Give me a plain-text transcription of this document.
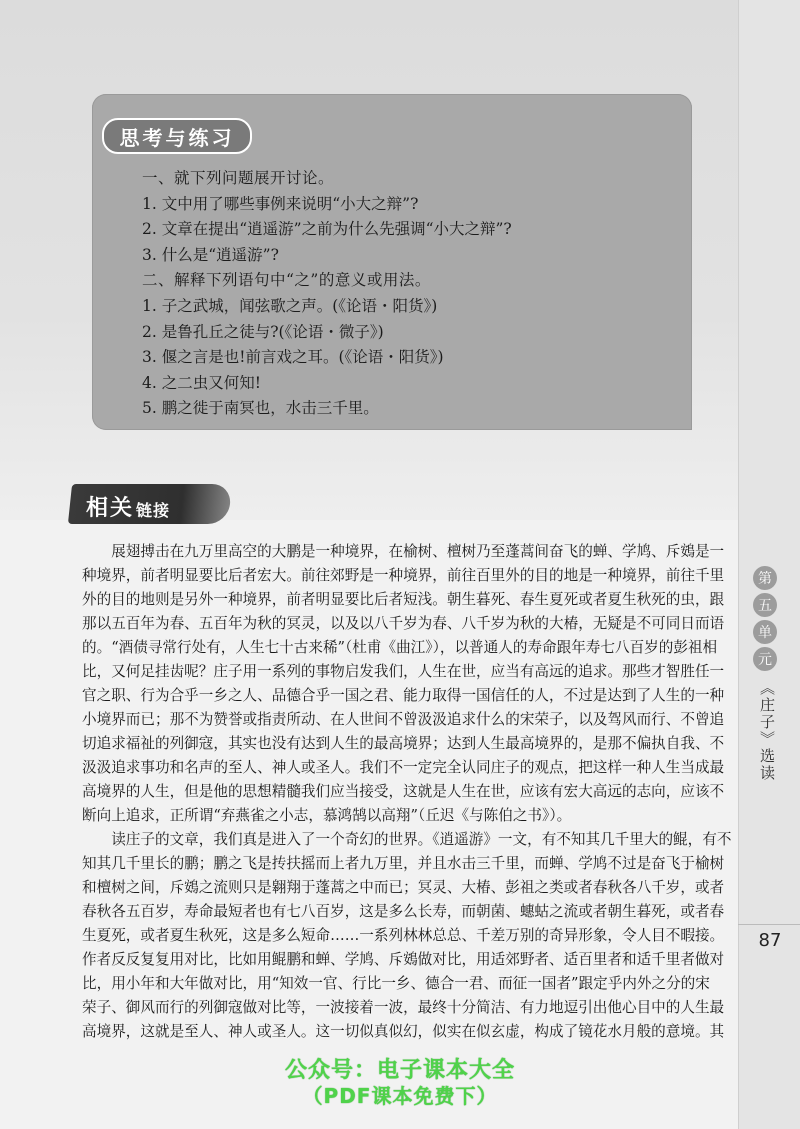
思考与练习
一、就下列问题展开讨论。
1. 文中用了哪些事例来说明“小大之辩”?
2. 文章在提出“逍遥游”之前为什么先强调“小大之辩”?
3. 什么是“逍遥游”?
二、解释下列语句中“之”的意义或用法。
1. 子之武城，闻弦歌之声。(《论语・阳货》)
2. 是鲁孔丘之徒与?(《论语・微子》)
3. 偃之言是也!前言戏之耳。(《论语・阳货》)
4. 之二虫又何知!
5. 鹏之徙于南冥也，水击三千里。
相关 链接
　　展翅搏击在九万里高空的大鹏是一种境界，在榆树、檀树乃至蓬蒿间奋飞的蝉、学鸠、斥鴳是一
种境界，前者明显要比后者宏大。前往郊野是一种境界，前往百里外的目的地是一种境界，前往千里
外的目的地则是另外一种境界，前者明显要比后者短浅。朝生暮死、春生夏死或者夏生秋死的虫，跟
那以五百年为春、五百年为秋的冥灵，以及以八千岁为春、八千岁为秋的大椿，无疑是不可同日而语
的。“酒债寻常行处有，人生七十古来稀”（杜甫《曲江》），以普通人的寿命跟年寿七八百岁的彭祖相
比，又何足挂齿呢？庄子用一系列的事物启发我们，人生在世，应当有高远的追求。那些才智胜任一
官之职、行为合乎一乡之人、品德合乎一国之君、能力取得一国信任的人，不过是达到了人生的一种
小境界而已；那不为赞誉或指责所动、在人世间不曾汲汲追求什么的宋荣子，以及驾风而行、不曾追
切追求福祉的列御寇，其实也没有达到人生的最高境界；达到人生最高境界的，是那不偏执自我、不
汲汲追求事功和名声的至人、神人或圣人。我们不一定完全认同庄子的观点，把这样一种人生当成最
高境界的人生，但是他的思想精髓我们应当接受，这就是人生在世，应该有宏大高远的志向，应该不
断向上追求，正所谓“弃燕雀之小志，慕鸿鹄以高翔”（丘迟《与陈伯之书》）。
　　读庄子的文章，我们真是进入了一个奇幻的世界。《逍遥游》一文，有不知其几千里大的鲲，有不
知其几千里长的鹏；鹏之飞是抟扶摇而上者九万里，并且水击三千里，而蝉、学鸠不过是奋飞于榆树
和檀树之间，斥鴳之流则只是翱翔于蓬蒿之中而已；冥灵、大椿、彭祖之类或者春秋各八千岁，或者
春秋各五百岁，寿命最短者也有七八百岁，这是多么长寿，而朝菌、蟪蛄之流或者朝生暮死，或者春
生夏死，或者夏生秋死，这是多么短命……一系列林林总总、千差万别的奇异形象，令人目不暇接。
作者反反复复用对比，比如用鲲鹏和蝉、学鸠、斥鴳做对比，用适郊野者、适百里者和适千里者做对
比，用小年和大年做对比，用“知效一官、行比一乡、德合一君、而征一国者”跟定乎内外之分的宋
荣子、御风而行的列御寇做对比等，一波接着一波，最终十分简洁、有力地逗引出他心目中的人生最
高境界，这就是至人、神人或圣人。这一切似真似幻，似实在似玄虚，构成了镜花水月般的意境。其
第
五
单
元
《庄子》选读
87
公众号：电子课本大全
（PDF课本免费下）
